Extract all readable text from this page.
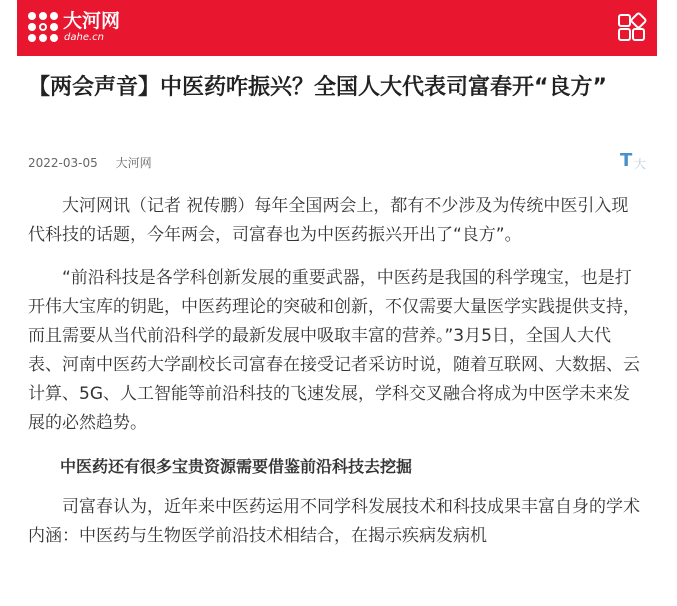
大河网
dahe.cn
【两会声音】中医药咋振兴？全国人大代表司富春开“良方”
2022-03-05 大河网	T 大

大河网讯（记者 祝传鹏）每年全国两会上，都有不少涉及为传统中医引入现代科技的话题，今年两会，司富春也为中医药振兴开出了“良方”。

“前沿科技是各学科创新发展的重要武器，中医药是我国的科学瑰宝，也是打开伟大宝库的钥匙，中医药理论的突破和创新，不仅需要大量医学实践提供支持，而且需要从当代前沿科学的最新发展中吸取丰富的营养。”3月5日，全国人大代表、河南中医药大学副校长司富春在接受记者采访时说，随着互联网、大数据、云计算、5G、人工智能等前沿科技的飞速发展，学科交叉融合将成为中医学未来发展的必然趋势。

中医药还有很多宝贵资源需要借鉴前沿科技去挖掘

司富春认为，近年来中医药运用不同学科发展技术和科技成果丰富自身的学术内涵：中医药与生物医学前沿技术相结合，在揭示疾病发病机
